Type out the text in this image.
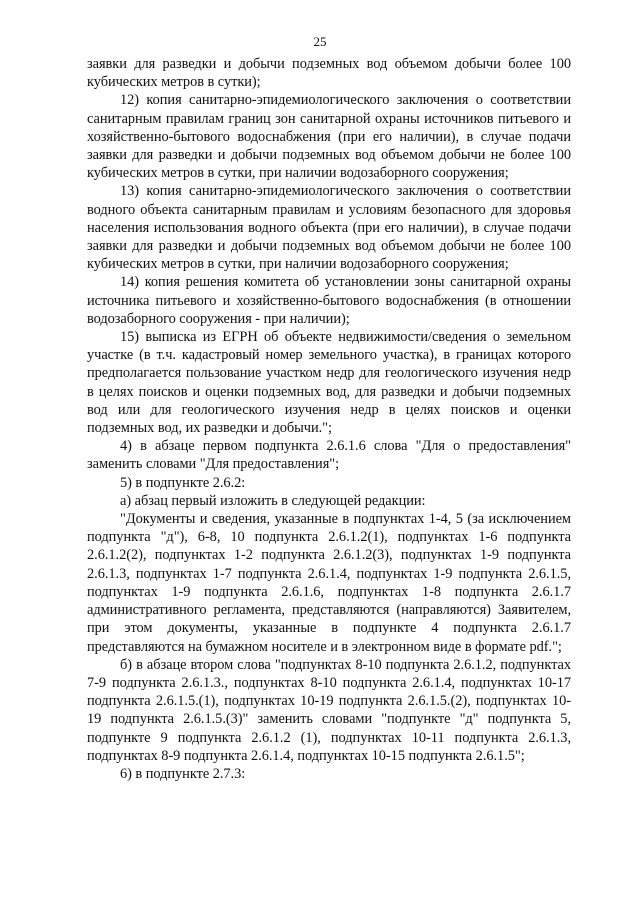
25

заявки для разведки и добычи подземных вод объемом добычи более 100 кубических метров в сутки);

12) копия санитарно-эпидемиологического заключения о соответствии санитарным правилам границ зон санитарной охраны источников питьевого и хозяйственно-бытового водоснабжения (при его наличии), в случае подачи заявки для разведки и добычи подземных вод объемом добычи не более 100 кубических метров в сутки, при наличии водозаборного сооружения;

13) копия санитарно-эпидемиологического заключения о соответствии водного объекта санитарным правилам и условиям безопасного для здоровья населения использования водного объекта (при его наличии), в случае подачи заявки для разведки и добычи подземных вод объемом добычи не более 100 кубических метров в сутки, при наличии водозаборного сооружения;

14) копия решения комитета об установлении зоны санитарной охраны источника питьевого и хозяйственно-бытового водоснабжения (в отношении водозаборного сооружения - при наличии);

15) выписка из ЕГРН об объекте недвижимости/сведения о земельном участке (в т.ч. кадастровый номер земельного участка), в границах которого предполагается пользование участком недр для геологического изучения недр в целях поисков и оценки подземных вод, для разведки и добычи подземных вод или для геологического изучения недр в целях поисков и оценки подземных вод, их разведки и добычи.";

4) в абзаце первом подпункта 2.6.1.6 слова "Для о предоставления" заменить словами "Для предоставления";

5) в подпункте 2.6.2:

а) абзац первый изложить в следующей редакции:

"Документы и сведения, указанные в подпунктах 1-4, 5 (за исключением подпункта "д"), 6-8, 10 подпункта 2.6.1.2(1), подпунктах 1-6 подпункта 2.6.1.2(2), подпунктах 1-2 подпункта 2.6.1.2(3), подпунктах 1-9 подпункта 2.6.1.3, подпунктах 1-7 подпункта 2.6.1.4, подпунктах 1-9 подпункта 2.6.1.5, подпунктах 1-9 подпункта 2.6.1.6, подпунктах 1-8 подпункта 2.6.1.7 административного регламента, представляются (направляются) Заявителем, при этом документы, указанные в подпункте 4 подпункта 2.6.1.7 представляются на бумажном носителе и в электронном виде в формате pdf.";

б) в абзаце втором слова "подпунктах 8-10 подпункта 2.6.1.2, подпунктах 7-9 подпункта 2.6.1.3., подпунктах 8-10 подпункта 2.6.1.4, подпунктах 10-17 подпункта 2.6.1.5.(1), подпунктах 10-19 подпункта 2.6.1.5.(2), подпунктах 10-19 подпункта 2.6.1.5.(3)" заменить словами "подпункте "д" подпункта 5, подпункте 9 подпункта 2.6.1.2 (1), подпунктах 10-11 подпункта 2.6.1.3, подпунктах 8-9 подпункта 2.6.1.4, подпунктах 10-15 подпункта 2.6.1.5";

6) в подпункте 2.7.3:
